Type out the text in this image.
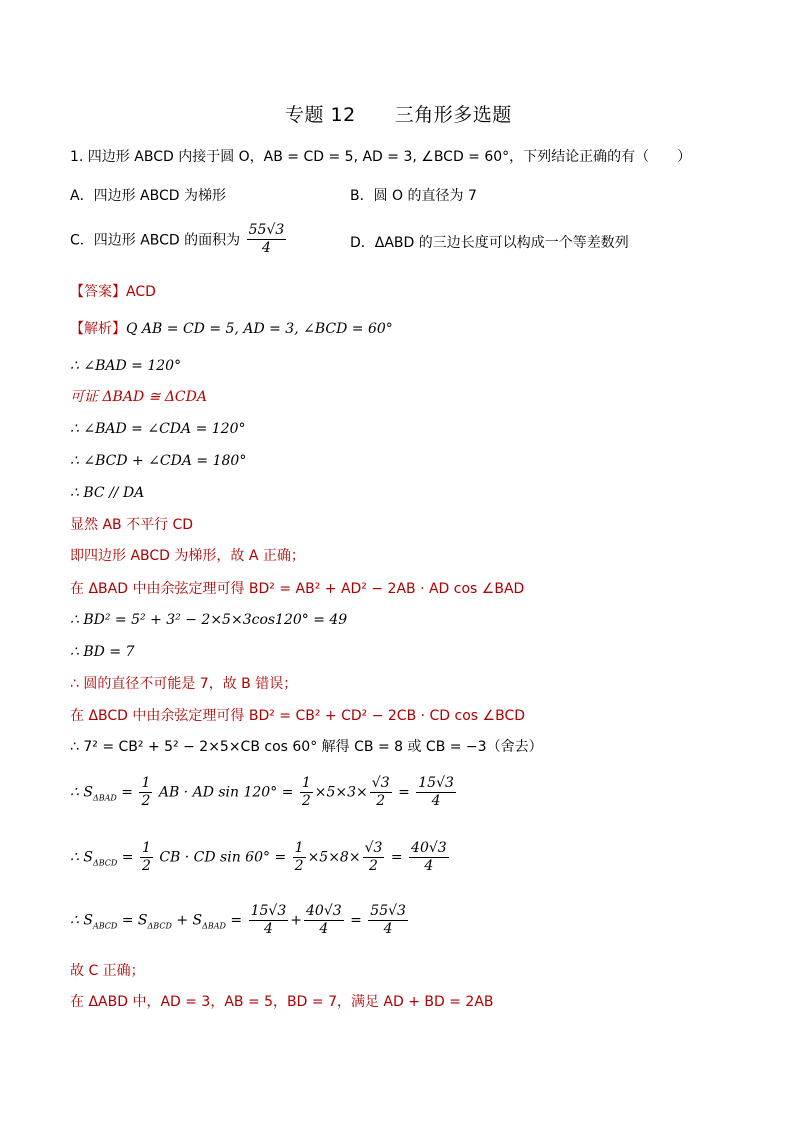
专题 12　　三角形多选题
1. 四边形 ABCD 内接于圆 O，AB = CD = 5, AD = 3, ∠BCD = 60°，下列结论正确的有（　　）
A．四边形 ABCD 为梯形	B．圆 O 的直径为 7
C．四边形 ABCD 的面积为 $\frac{55√3}{4}$	D．ΔABD 的三边长度可以构成一个等差数列
【答案】ACD
【解析】Q AB = CD = 5, AD = 3, ∠BCD = 60°
∴ ∠BAD = 120°
可证 ΔBAD ≅ ΔCDA
∴ ∠BAD = ∠CDA = 120°
∴ ∠BCD + ∠CDA = 180°
∴ BC // DA
显然 AB 不平行 CD
即四边形 ABCD 为梯形，故 A 正确；
在 ΔBAD 中由余弦定理可得 BD² = AB² + AD² − 2AB · AD cos ∠BAD
∴ BD² = 5² + 3² − 2×5×3cos120° = 49
∴ BD = 7
∴ 圆的直径不可能是 7，故 B 错误；
在 ΔBCD 中由余弦定理可得 BD² = CB² + CD² − 2CB · CD cos ∠BCD
∴ 7² = CB² + 5² − 2×5×CB cos 60° 解得 CB = 8 或 CB = −3（舍去）
∴ $S_{\Delta BAD} = \frac{1}{2}$ AB · AD $\sin 120^\circ = \frac{1}{2} \times 5\times 3\times \frac{√3}{2} = \frac{15√3}{4}$
∴ $S_{\Delta BCD} = \frac{1}{2}$ CB · CD $\sin 60^\circ = \frac{1}{2} \times 5\times 8\times \frac{√3}{2} = \frac{40√3}{4}$
∴ $S_{ABCD} = S_{\Delta BCD} + S_{\Delta BAD} = \frac{15√3}{4} + \frac{40√3}{4} = \frac{55√3}{4}$
故 C 正确；
在 ΔABD 中，AD = 3，AB = 5，BD = 7，满足 AD + BD = 2AB
